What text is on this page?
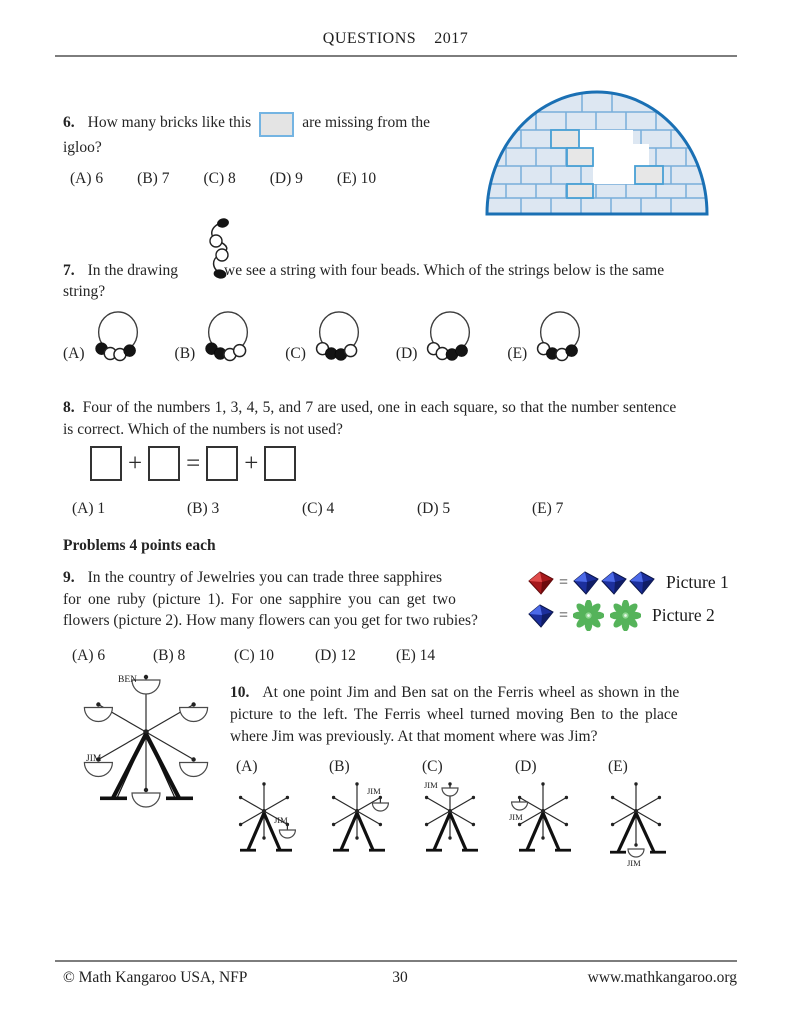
QUESTIONS 2017
6. How many bricks like this	are missing from the
igloo?
(A) 6 (B) 7 (C) 8 (D) 9 (E) 10
7. In the drawing	we see a string with four beads. Which of the strings below is the same
string?
(A)	(B)	(C)	(D)	(E)
8. Four of the numbers 1, 3, 4, 5, and 7 are used, one in each square, so that the number sentence
is correct. Which of the numbers is not used?
+ = +
(A) 1	(B) 3	(C) 4	(D) 5	(E) 7
Problems 4 points each
9. In the country of Jewelries you can trade three sapphires
for one ruby (picture 1). For one sapphire you can get two
flowers (picture 2). How many flowers can you get for two rubies?
=	Picture 1
=	Picture 2
(A) 6	(B) 8	(C) 10	(D) 12	(E) 14
BEN
JIM
10. At one point Jim and Ben sat on the Ferris wheel as shown in the
picture to the left. The Ferris wheel turned moving Ben to the place
where Jim was previously. At that moment where was Jim?
(A)
JIM
(B)
JIM
(C)
JIM
(D)
JIM
(E)
JIM
© Math Kangaroo USA, NFP	30	www.mathkangaroo.org
